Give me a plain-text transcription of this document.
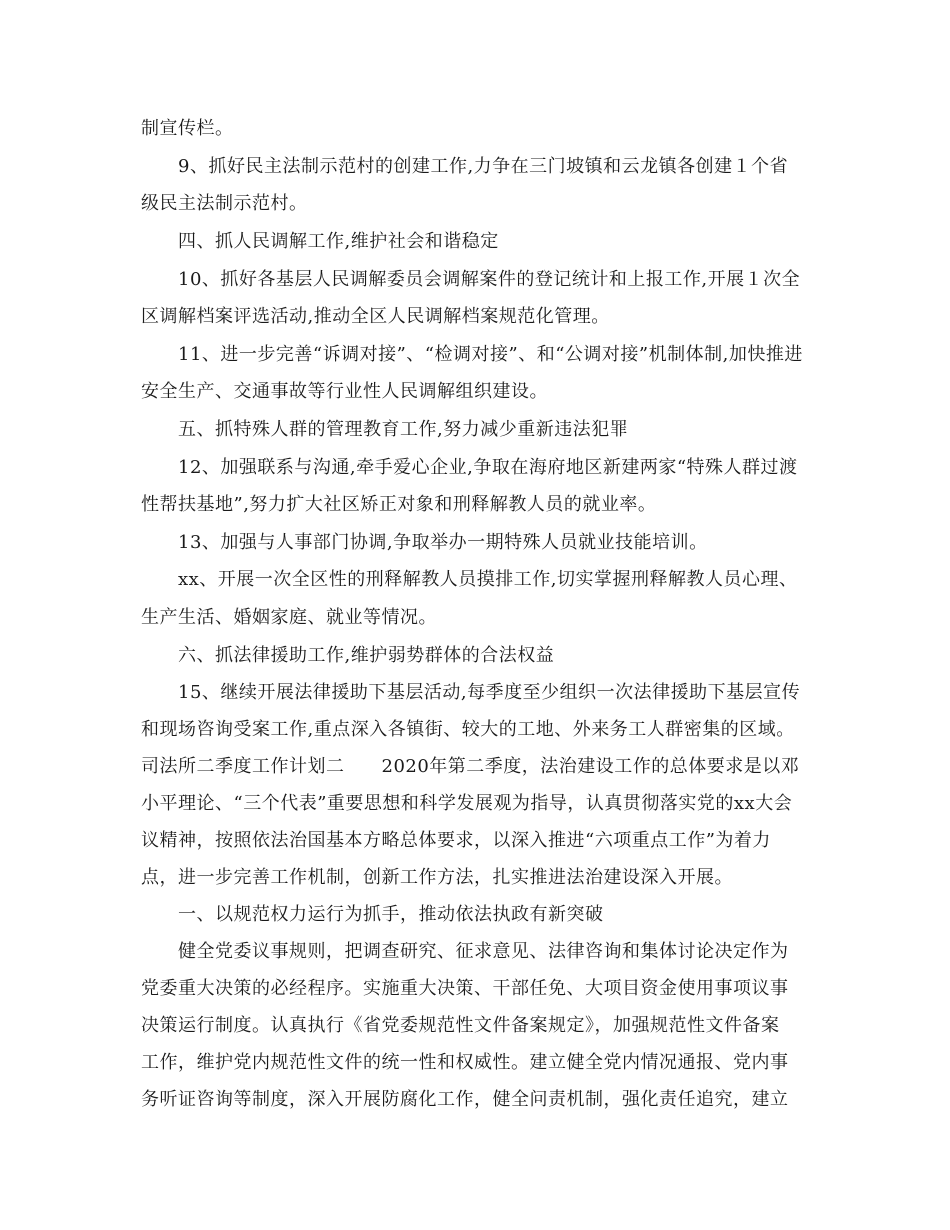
制宣传栏。
9、抓好民主法制示范村的创建工作,力争在三门坡镇和云龙镇各创建１个省
级民主法制示范村。
四、抓人民调解工作,维护社会和谐稳定
10、抓好各基层人民调解委员会调解案件的登记统计和上报工作,开展１次全
区调解档案评选活动,推动全区人民调解档案规范化管理。
11、进一步完善“诉调对接”、“检调对接”、和“公调对接”机制体制,加快推进
安全生产、交通事故等行业性人民调解组织建设。
五、抓特殊人群的管理教育工作,努力减少重新违法犯罪
12、加强联系与沟通,牵手爱心企业,争取在海府地区新建两家“特殊人群过渡
性帮扶基地”,努力扩大社区矫正对象和刑释解教人员的就业率。
13、加强与人事部门协调,争取举办一期特殊人员就业技能培训。
xx、开展一次全区性的刑释解教人员摸排工作,切实掌握刑释解教人员心理、
生产生活、婚姻家庭、就业等情况。
六、抓法律援助工作,维护弱势群体的合法权益
15、继续开展法律援助下基层活动,每季度至少组织一次法律援助下基层宣传
和现场咨询受案工作,重点深入各镇街、较大的工地、外来务工人群密集的区域。
司法所二季度工作计划二　　2020年第二季度，法治建设工作的总体要求是以邓
小平理论、“三个代表”重要思想和科学发展观为指导，认真贯彻落实党的xx大会
议精神，按照依法治国基本方略总体要求，以深入推进“六项重点工作”为着力
点，进一步完善工作机制，创新工作方法，扎实推进法治建设深入开展。
一、以规范权力运行为抓手，推动依法执政有新突破
健全党委议事规则，把调查研究、征求意见、法律咨询和集体讨论决定作为
党委重大决策的必经程序。实施重大决策、干部任免、大项目资金使用事项议事
决策运行制度。认真执行《省党委规范性文件备案规定》，加强规范性文件备案
工作，维护党内规范性文件的统一性和权威性。建立健全党内情况通报、党内事
务听证咨询等制度，深入开展防腐化工作，健全问责机制，强化责任追究，建立
